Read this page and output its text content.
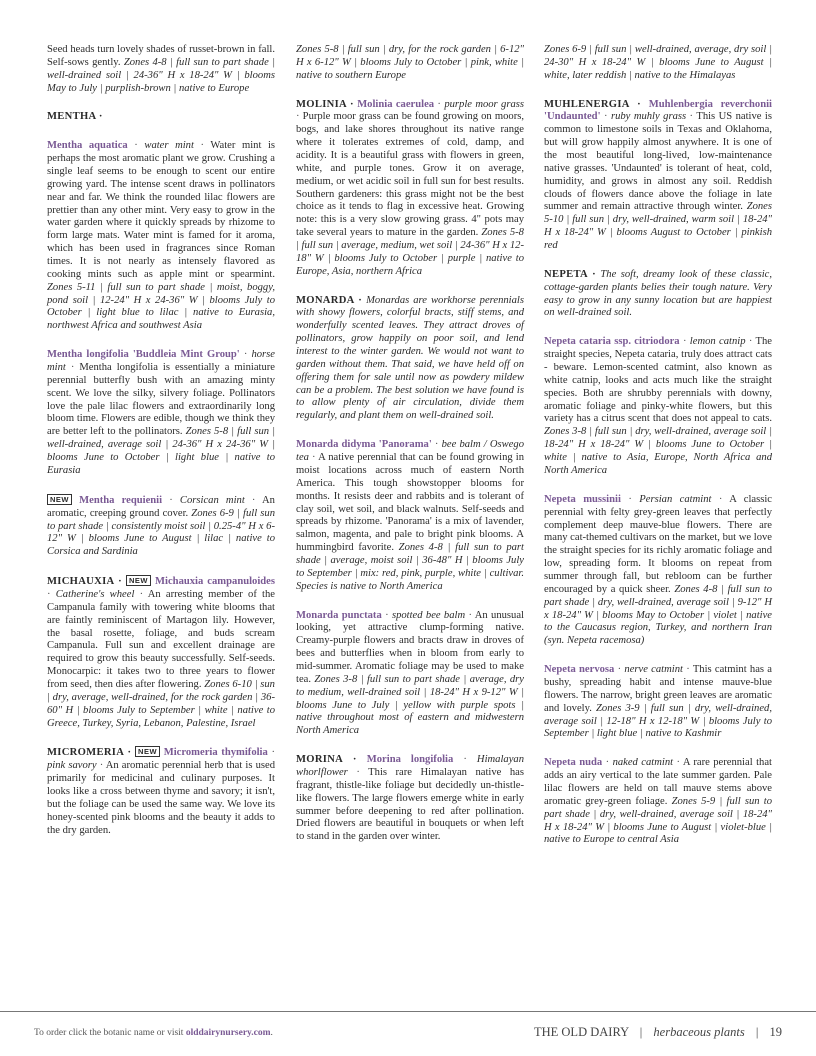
Seed heads turn lovely shades of russet-brown in fall. Self-sows gently. Zones 4-8 | full sun to part shade | well-drained soil | 24-36" H x 18-24" W | blooms May to July | purplish-brown | native to Europe

MENTHA ·

Mentha aquatica · water mint · Water mint is perhaps the most aromatic plant we grow. Crushing a single leaf seems to be enough to scent our entire growing yard. The intense scent draws in pollinators near and far. We think the rounded lilac flowers are prettier than any other mint. Very easy to grow in the water garden where it quickly spreads by rhizome to form large mats. Water mint is famed for it aroma, which has been used in fragrances since Roman times. It is not nearly as intensely flavored as cooking mints such as apple mint or spearmint. Zones 5-11 | full sun to part shade | moist, boggy, pond soil | 12-24" H x 24-36" W | blooms July to October | light blue to lilac | native to Eurasia, northwest Africa and southwest Asia

Mentha longifolia 'Buddleia Mint Group' · horse mint · Mentha longifolia is essentially a miniature perennial butterfly bush with an amazing minty scent. We love the silky, silvery foliage. Pollinators love the pale lilac flowers and extraordinarily long bloom time. Flowers are edible, though we think they are better left to the pollinators. Zones 5-8 | full sun | well-drained, average soil | 24-36" H x 24-36" W | blooms June to October | light blue | native to Eurasia

NEW Mentha requienii · Corsican mint · An aromatic, creeping ground cover. Zones 6-9 | full sun to part shade | consistently moist soil | 0.25-4" H x 6-12" W | blooms June to August | lilac | native to Corsica and Sardinia

MICHAUXIA · NEW Michauxia campanuloides · Catherine's wheel · An arresting member of the Campanula family with towering white blooms that are faintly reminiscent of Martagon lily. However, the basal rosette, foliage, and buds scream Campanula. Full sun and excellent drainage are required to grow this beauty successfully. Self-seeds. Monocarpic: it takes two to three years to flower from seed, then dies after flowering. Zones 6-10 | sun | dry, average, well-drained, for the rock garden | 36-60" H | blooms July to September | white | native to Greece, Turkey, Syria, Lebanon, Palestine, Israel

MICROMERIA · NEW Micromeria thymifolia · pink savory · An aromatic perennial herb that is used primarily for medicinal and culinary purposes. It looks like a cross between thyme and savory; it isn't, but the foliage can be used the same way. We love its honey-scented pink blooms and the beauty it adds to the dry garden.

Zones 5-8 | full sun | dry, for the rock garden | 6-12" H x 6-12" W | blooms July to October | pink, white | native to southern Europe

MOLINIA · Molinia caerulea · purple moor grass · Purple moor grass can be found growing on moors, bogs, and lake shores throughout its native range where it tolerates extremes of cold, damp, and acidity. It is a beautiful grass with flowers in green, white, and purple tones. Grow it on average, medium, or wet acidic soil in full sun for best results. Southern gardeners: this grass might not be the best choice as it tends to flag in excessive heat. Growing note: this is a very slow growing grass. 4" pots may take several years to mature in the garden. Zones 5-8 | full sun | average, medium, wet soil | 24-36" H x 12-18" W | blooms July to October | purple | native to Europe, Asia, northern Africa

MONARDA · Monardas are workhorse perennials with showy flowers, colorful bracts, stiff stems, and wonderfully scented leaves. They attract droves of pollinators, grow happily on poor soil, and lend interest to the winter garden. We would not want to garden without them. That said, we have held off on offering them for sale until now as powdery mildew can be a problem. The best solution we have found is to allow plenty of air circulation, divide them regularly, and plant them on well-drained soil.

Monarda didyma 'Panorama' · bee balm / Oswego tea · A native perennial that can be found growing in moist locations across much of eastern North America. This tough showstopper blooms for months. It resists deer and rabbits and is tolerant of clay soil, wet soil, and black walnuts. Self-seeds and spreads by rhizome. 'Panorama' is a mix of lavender, salmon, magenta, and pale to bright pink blooms. A hummingbird favorite. Zones 4-8 | full sun to part shade | average, moist soil | 36-48" H | blooms July to September | mix: red, pink, purple, white | cultivar. Species is native to North America

Monarda punctata · spotted bee balm · An unusual looking, yet attractive clump-forming native. Creamy-purple flowers and bracts draw in droves of bees and butterflies when in bloom from early to mid-summer. Aromatic foliage may be used to make tea. Zones 3-8 | full sun to part shade | average, dry to medium, well-drained soil | 18-24" H x 9-12" W | blooms June to July | yellow with purple spots | native throughout most of eastern and midwestern North America

MORINA · Morina longifolia · Himalayan whorlflower · This rare Himalayan native has fragrant, thistle-like foliage but decidedly un-thistle-like flowers. The large flowers emerge white in early summer before deepening to red after pollination. Dried flowers are beautiful in bouquets or when left to stand in the garden over winter.

Zones 6-9 | full sun | well-drained, average, dry soil | 24-30" H x 18-24" W | blooms June to August | white, later reddish | native to the Himalayas

MUHLENERGIA · Muhlenbergia reverchonii 'Undaunted' · ruby muhly grass · This US native is common to limestone soils in Texas and Oklahoma, but will grow happily almost anywhere. It is one of the most beautiful long-lived, low-maintenance native grasses. 'Undaunted' is tolerant of heat, cold, humidity, and grows in almost any soil. Reddish clouds of flowers dance above the foliage in late summer and remain attractive through winter. Zones 5-10 | full sun | dry, well-drained, warm soil | 18-24" H x 18-24" W | blooms August to October | pinkish red

NEPETA · The soft, dreamy look of these classic, cottage-garden plants belies their tough nature. Very easy to grow in any sunny location but are happiest on well-drained soil.

Nepeta cataria ssp. citriodora · lemon catnip · The straight species, Nepeta cataria, truly does attract cats - beware. Lemon-scented catmint, also known as white catnip, looks and acts much like the straight species. Both are shrubby perennials with downy, aromatic foliage and pinky-white flowers, but this variety has a citrus scent that does not appeal to cats. Zones 3-8 | full sun | dry, well-drained, average soil | 18-24" H x 18-24" W | blooms June to October | white | native to Asia, Europe, North Africa and North America

Nepeta mussinii · Persian catmint · A classic perennial with felty grey-green leaves that perfectly complement deep mauve-blue flowers. There are many cat-themed cultivars on the market, but we love the straight species for its richly aromatic foliage and low, spreading form. It blooms on repeat from summer through fall, but rebloom can be further encouraged by a quick sheer. Zones 4-8 | full sun to part shade | dry, well-drained, average soil | 9-12" H x 18-24" W | blooms May to October | violet | native to the Caucasus region, Turkey, and northern Iran (syn. Nepeta racemosa)

Nepeta nervosa · nerve catmint · This catmint has a bushy, spreading habit and intense mauve-blue flowers. The narrow, bright green leaves are aromatic and lovely. Zones 3-9 | full sun | dry, well-drained, average soil | 12-18" H x 12-18" W | blooms July to September | light blue | native to Kashmir

Nepeta nuda · naked catmint · A rare perennial that adds an airy vertical to the late summer garden. Pale lilac flowers are held on tall mauve stems above aromatic grey-green foliage. Zones 5-9 | full sun to part shade | dry, well-drained, average soil | 18-24" H x 18-24" W | blooms June to August | violet-blue | native to Europe to central Asia

To order click the botanic name or visit olddairynursery.com.	THE OLD DAIRY | herbaceous plants | 19
